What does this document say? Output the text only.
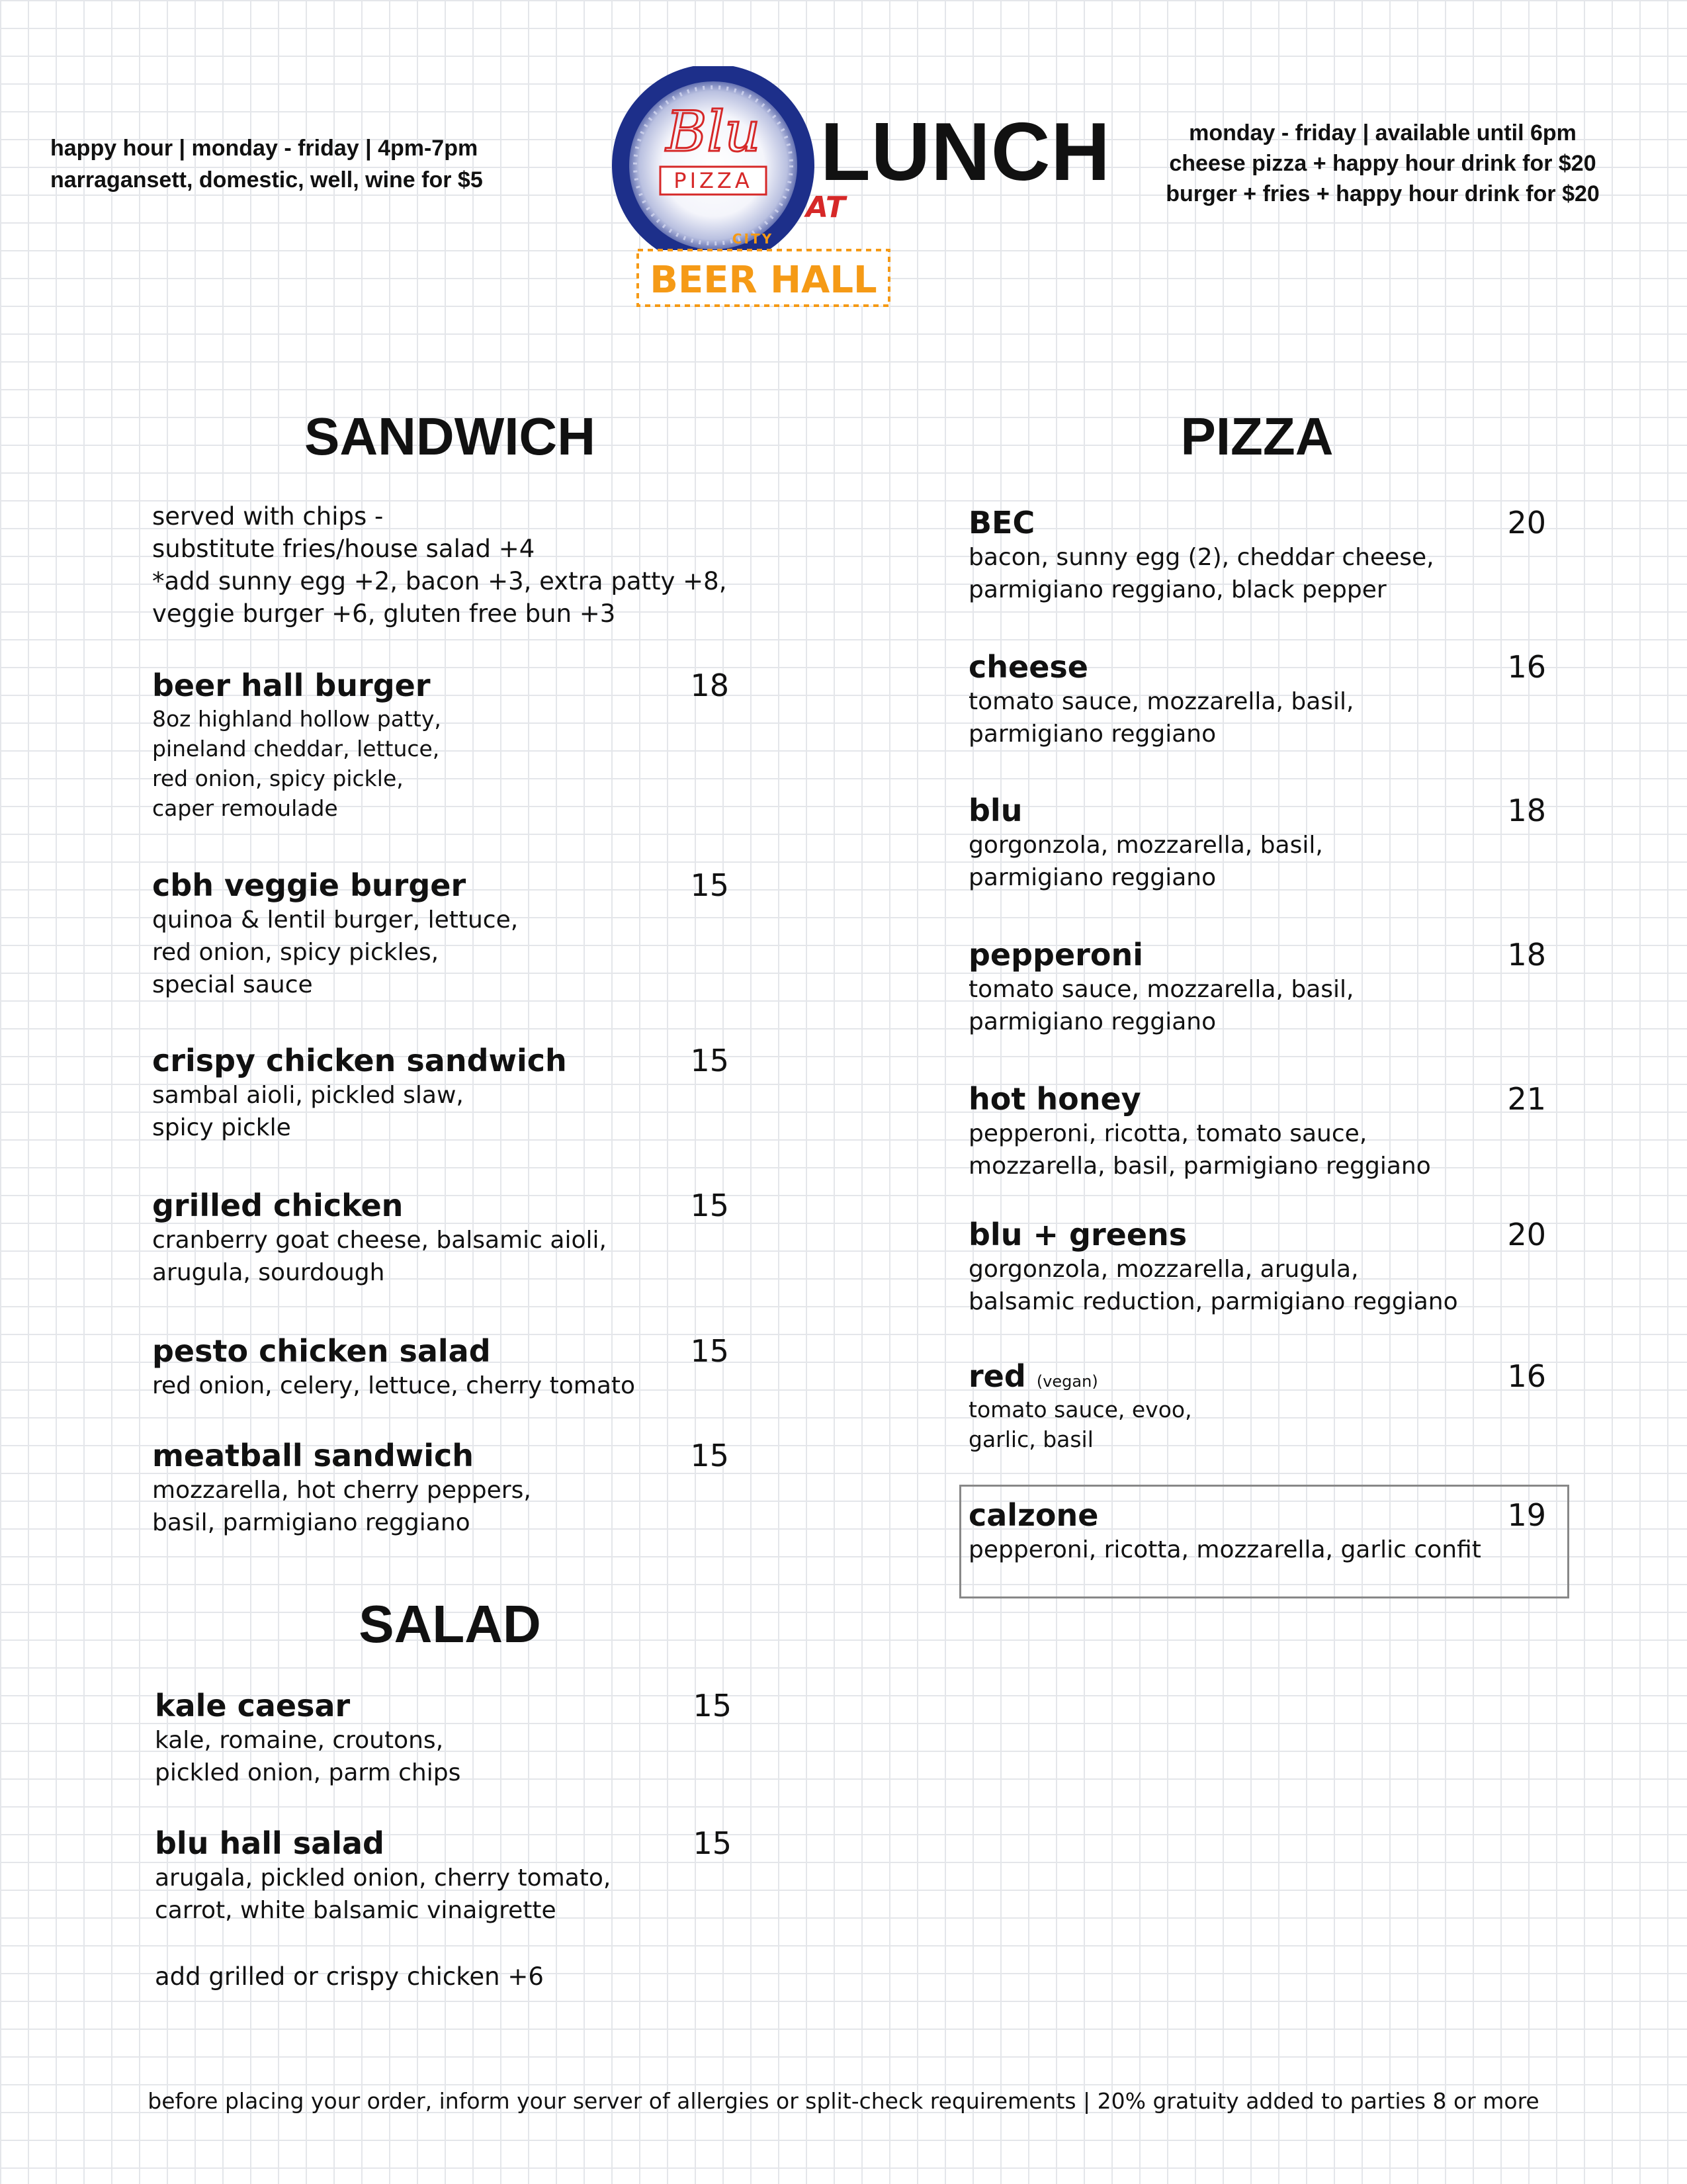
happy hour | monday - friday | 4pm-7pm
narragansett, domestic, well, wine for $5
Blu
PIZZA
AT
CITY
BEER HALL
LUNCH	monday - friday | available until 6pm
cheese pizza + happy hour drink for $20
burger + fries + happy hour drink for $20
SANDWICH
served with chips -
substitute fries/house salad +4
*add sunny egg +2, bacon +3, extra patty +8,
veggie burger +6, gluten free bun +3
beer hall burger	18
8oz highland hollow patty,
pineland cheddar, lettuce,
red onion, spicy pickle,
caper remoulade
cbh veggie burger	15
quinoa & lentil burger, lettuce,
red onion, spicy pickles,
special sauce
crispy chicken sandwich	15
sambal aioli, pickled slaw,
spicy pickle
grilled chicken	15
cranberry goat cheese, balsamic aioli,
arugula, sourdough
pesto chicken salad	15
red onion, celery, lettuce, cherry tomato
meatball sandwich	15
mozzarella, hot cherry peppers,
basil, parmigiano reggiano
SALAD
kale caesar	15
kale, romaine, croutons,
pickled onion, parm chips
blu hall salad	15
arugala, pickled onion, cherry tomato,
carrot, white balsamic vinaigrette
add grilled or crispy chicken +6
PIZZA
BEC	20
bacon, sunny egg (2), cheddar cheese,
parmigiano reggiano, black pepper
cheese	16
tomato sauce, mozzarella, basil,
parmigiano reggiano
blu	18
gorgonzola, mozzarella, basil,
parmigiano reggiano
pepperoni	18
tomato sauce, mozzarella, basil,
parmigiano reggiano
hot honey	21
pepperoni, ricotta, tomato sauce,
mozzarella, basil, parmigiano reggiano
blu + greens	20
gorgonzola, mozzarella, arugula,
balsamic reduction, parmigiano reggiano
red (vegan)	16
tomato sauce, evoo,
garlic, basil
calzone	19
pepperoni, ricotta, mozzarella, garlic confit
before placing your order, inform your server of allergies or split-check requirements | 20% gratuity added to parties 8 or more
